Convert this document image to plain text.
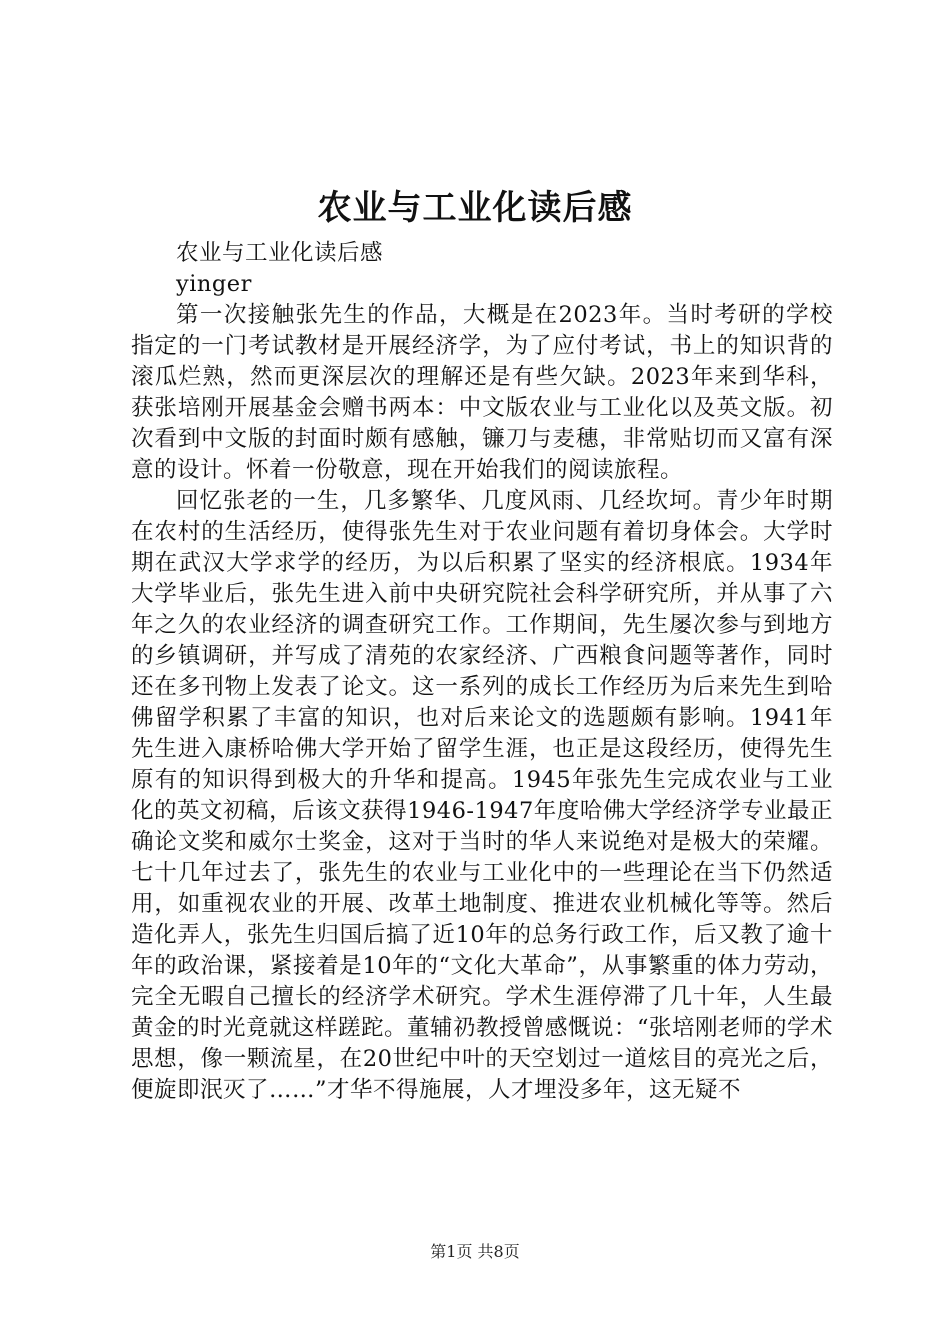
农业与工业化读后感

农业与工业化读后感

yinger

第一次接触张先生的作品，大概是在2023年。当时考研的学校指定的一门考试教材是开展经济学，为了应付考试，书上的知识背的滚瓜烂熟，然而更深层次的理解还是有些欠缺。2023年来到华科，获张培刚开展基金会赠书两本：中文版农业与工业化以及英文版。初次看到中文版的封面时颇有感触，镰刀与麦穗，非常贴切而又富有深意的设计。怀着一份敬意，现在开始我们的阅读旅程。

回忆张老的一生，几多繁华、几度风雨、几经坎坷。青少年时期在农村的生活经历，使得张先生对于农业问题有着切身体会。大学时期在武汉大学求学的经历，为以后积累了坚实的经济根底。1934年大学毕业后，张先生进入前中央研究院社会科学研究所，并从事了六年之久的农业经济的调查研究工作。工作期间，先生屡次参与到地方的乡镇调研，并写成了清苑的农家经济、广西粮食问题等著作，同时还在多刊物上发表了论文。这一系列的成长工作经历为后来先生到哈佛留学积累了丰富的知识，也对后来论文的选题颇有影响。1941年先生进入康桥哈佛大学开始了留学生涯，也正是这段经历，使得先生原有的知识得到极大的升华和提高。1945年张先生完成农业与工业化的英文初稿，后该文获得1946-1947年度哈佛大学经济学专业最正确论文奖和威尔士奖金，这对于当时的华人来说绝对是极大的荣耀。七十几年过去了，张先生的农业与工业化中的一些理论在当下仍然适用，如重视农业的开展、改革土地制度、推进农业机械化等等。然后造化弄人，张先生归国后搞了近10年的总务行政工作，后又教了逾十年的政治课，紧接着是10年的“文化大革命”，从事繁重的体力劳动，完全无暇自己擅长的经济学术研究。学术生涯停滞了几十年，人生最黄金的时光竟就这样蹉跎。董辅礽教授曾感慨说：“张培刚老师的学术思想，像一颗流星，在20世纪中叶的天空划过一道炫目的亮光之后，便旋即泯灭了……”才华不得施展，人才埋没多年，这无疑不

第1页 共8页
